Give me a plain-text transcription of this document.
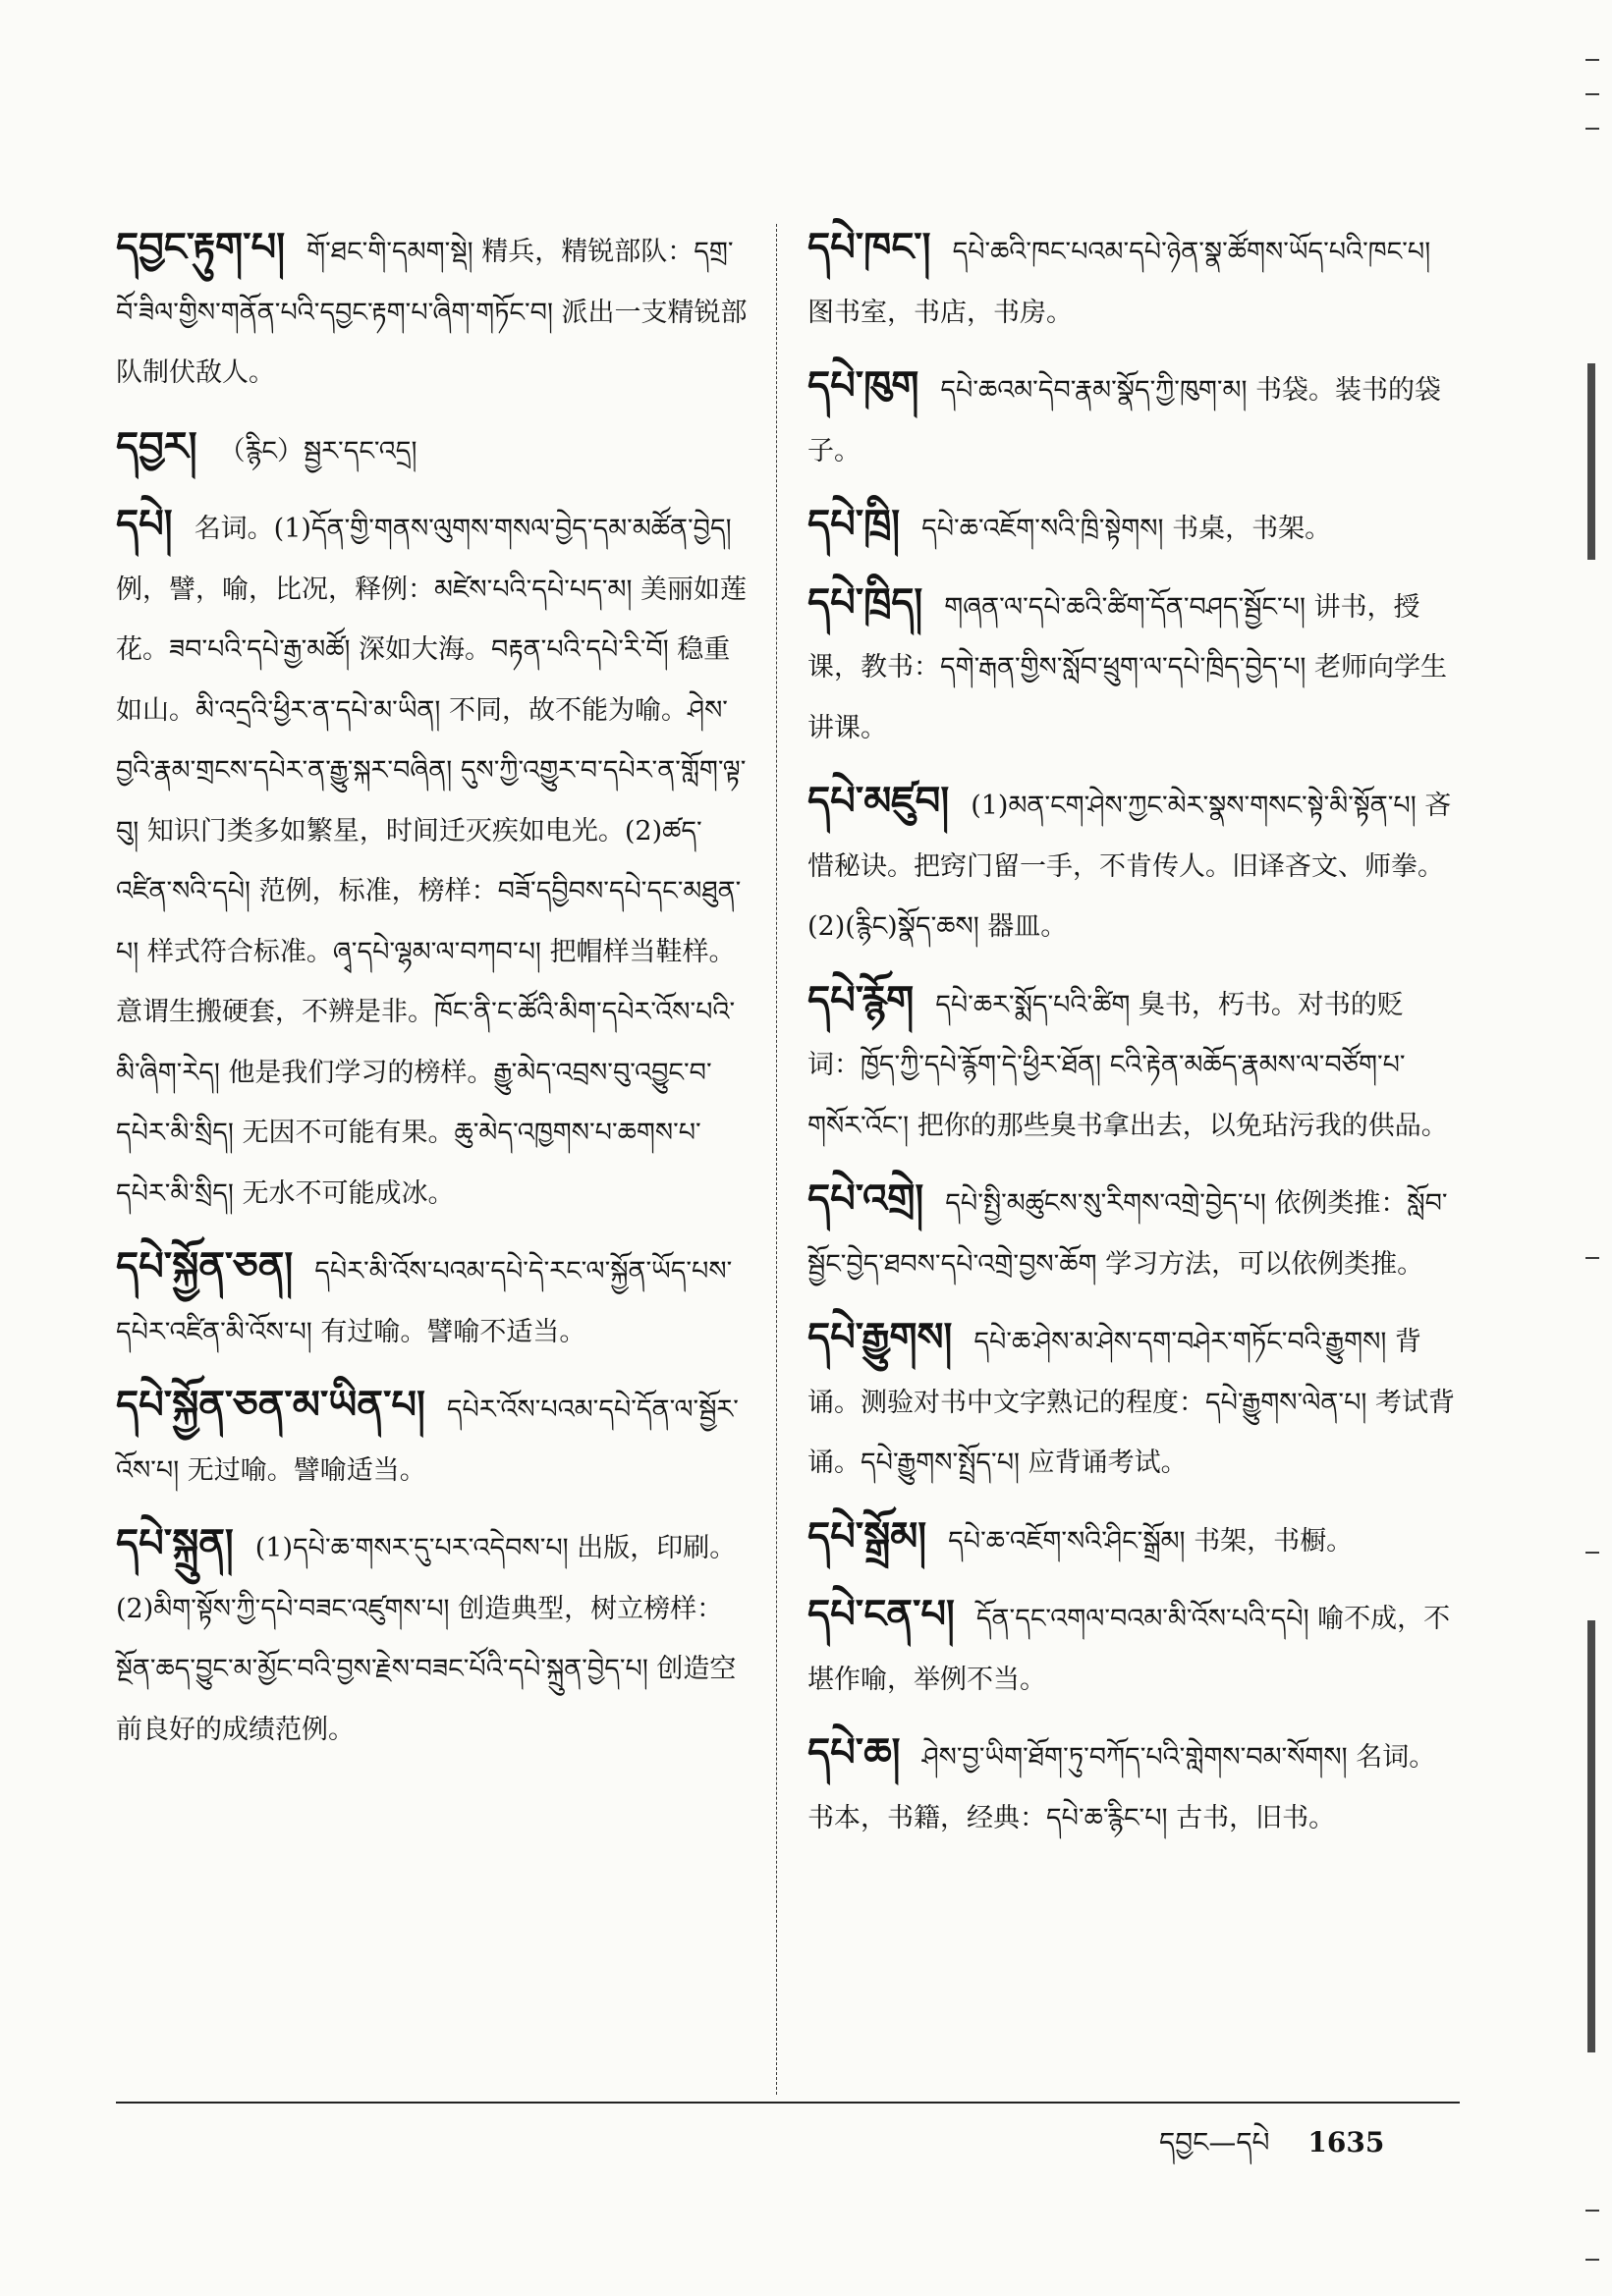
དབྱང་རྟུག་པ། གོ་ཐང་གི་དམག་སྡེ། 精兵，精锐部队：དགྲ་བོ་ཟིལ་གྱིས་གནོན་པའི་དབྱང་རྟག་པ་ཞིག་གཏོང་བ། 派出一支精锐部队制伏敌人。
དབྱར། （རྙིང）སྦྱར་དང་འདྲ།
དཔེ། 名词。(1)དོན་གྱི་གནས་ལུགས་གསལ་བྱེད་དམ་མཚོན་བྱེད། 例，譬，喻，比况，释例：མཛེས་པའི་དཔེ་པད་མ། 美丽如莲花。ཟབ་པའི་དཔེ་རྒྱ་མཚོ། 深如大海。བརྟན་པའི་དཔེ་རི་བོ། 稳重如山。མི་འདྲའི་ཕྱིར་ན་དཔེ་མ་ཡིན། 不同，故不能为喻。ཤེས་བྱའི་རྣམ་གྲངས་དཔེར་ན་རྒྱུ་སྐར་བཞིན། དུས་ཀྱི་འགྱུར་བ་དཔེར་ན་གློག་ལྟ་བུ། 知识门类多如繁星，时间迁灭疾如电光。(2)ཚད་འཛིན་སའི་དཔེ། 范例，标准，榜样：བཟོ་དབྱིབས་དཔེ་དང་མཐུན་པ། 样式符合标准。ཞྭ་དཔེ་ལྷམ་ལ་བཀབ་པ། 把帽样当鞋样。意谓生搬硬套，不辨是非。ཁོང་ནི་ང་ཚོའི་མིག་དཔེར་འོས་པའི་མི་ཞིག་རེད། 他是我们学习的榜样。རྒྱུ་མེད་འབྲས་བུ་འབྱུང་བ་དཔེར་མི་སྲིད། 无因不可能有果。ཆུ་མེད་འཁྱགས་པ་ཆགས་པ་དཔེར་མི་སྲིད། 无水不可能成冰。
དཔེ་སྐྱོན་ཅན། དཔེར་མི་འོས་པའམ་དཔེ་དེ་རང་ལ་སྐྱོན་ཡོད་པས་དཔེར་འཛིན་མི་འོས་པ། 有过喻。譬喻不适当。
དཔེ་སྐྱོན་ཅན་མ་ཡིན་པ། དཔེར་འོས་པའམ་དཔེ་དོན་ལ་སྦྱོར་འོས་པ། 无过喻。譬喻适当。
དཔེ་སྐྲུན། (1)དཔེ་ཆ་གསར་དུ་པར་འདེབས་པ། 出版，印刷。(2)མིག་སྟོས་ཀྱི་དཔེ་བཟང་འཛུགས་པ། 创造典型，树立榜样：སྔོན་ཆད་བྱུང་མ་མྱོང་བའི་བྱས་རྗེས་བཟང་པོའི་དཔེ་སྐྲུན་བྱེད་པ། 创造空前良好的成绩范例。
དཔེ་ཁང་། དཔེ་ཆའི་ཁང་པའམ་དཔེ་ཉེན་སྣ་ཚོགས་ཡོད་པའི་ཁང་པ། 图书室，书店，书房。
དཔེ་ཁུག དཔེ་ཆའམ་དེབ་རྣམ་སྣོད་ཀྱི་ཁུག་མ། 书袋。装书的袋子。
དཔེ་ཁྲི། དཔེ་ཆ་འཇོག་སའི་ཁྲི་སྟེགས། 书桌，书架。
དཔེ་ཁྲིད། གཞན་ལ་དཔེ་ཆའི་ཚིག་དོན་བཤད་སྦྱོང་པ། 讲书，授课，教书：དགེ་རྒན་གྱིས་སློབ་ཕྲུག་ལ་དཔེ་ཁྲིད་བྱེད་པ། 老师向学生讲课。
དཔེ་མཛུབ། (1)མན་ངག་ཤེས་ཀྱང་མེར་སྣས་གསང་སྟེ་མི་སྟོན་པ། 吝惜秘诀。把窍门留一手，不肯传人。旧译吝文、师拳。(2)(རྙིང)སྣོད་ཆས། 器皿。
དཔེ་རྙོག དཔེ་ཆར་སྨོད་པའི་ཚིག 臭书，朽书。对书的贬词：ཁྱོད་ཀྱི་དཔེ་རྙོག་དེ་ཕྱིར་ཐོན། ངའི་རྟེན་མཆོད་རྣམས་ལ་བཙོག་པ་གསོར་འོང་། 把你的那些臭书拿出去，以免玷污我的供品。
དཔེ་འགྲེ། དཔེ་སྤྱི་མཚུངས་སུ་རིགས་འགྲེ་བྱེད་པ། 依例类推：སློབ་སྦྱོང་བྱེད་ཐབས་དཔེ་འགྲེ་བྱས་ཆོག 学习方法，可以依例类推。
དཔེ་རྒྱུགས། དཔེ་ཆ་ཤེས་མ་ཤེས་དག་བཤེར་གཏོང་བའི་རྒྱུགས། 背诵。测验对书中文字熟记的程度：དཔེ་རྒྱུགས་ལེན་པ། 考试背诵。དཔེ་རྒྱུགས་སྤྲོད་པ། 应背诵考试。
དཔེ་སྒྲོམ། དཔེ་ཆ་འཇོག་སའི་ཤིང་སྒྲོམ། 书架，书橱。
དཔེ་ངན་པ། དོན་དང་འགལ་བའམ་མི་འོས་པའི་དཔེ། 喻不成，不堪作喻，举例不当。
དཔེ་ཆ། ཤེས་བྱ་ཡིག་ཐོག་ཏུ་བཀོད་པའི་གླེགས་བམ་སོགས། 名词。书本，书籍，经典：དཔེ་ཆ་རྙིང་པ། 古书，旧书。
དབྱང—དཔེ 1635
